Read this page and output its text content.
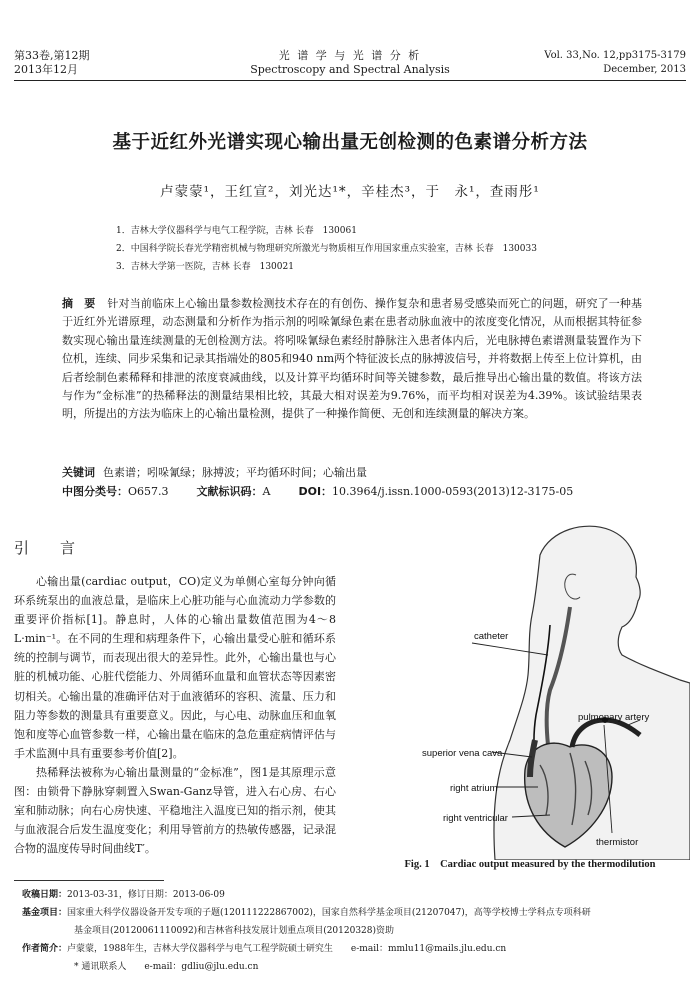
第33卷,第12期
2013年12月
光 谱 学 与 光 谱 分 析
Spectroscopy and Spectral Analysis
Vol. 33,No. 12,pp3175-3179
December, 2013
基于近红外光谱实现心输出量无创检测的色素谱分析方法
卢蒙蒙¹，王红宣²，刘光达¹*，辛桂杰³，于　永¹，查雨彤¹
1．吉林大学仪器科学与电气工程学院，吉林 长春　130061
2．中国科学院长春光学精密机械与物理研究所激光与物质相互作用国家重点实验室，吉林 长春　130033
3．吉林大学第一医院，吉林 长春　130021
摘　要 针对当前临床上心输出量参数检测技术存在的有创伤、操作复杂和患者易受感染而死亡的问题，研究了一种基于近红外光谱原理，动态测量和分析作为指示剂的吲哚氰绿色素在患者动脉血液中的浓度变化情况，从而根据其特征参数实现心输出量连续测量的无创检测方法。将吲哚氰绿色素经肘静脉注入患者体内后，光电脉搏色素谱测量装置作为下位机，连续、同步采集和记录其指端处的805和940 nm两个特征波长点的脉搏波信号，并将数据上传至上位计算机，由后者绘制色素稀释和排泄的浓度衰减曲线，以及计算平均循环时间等关键参数，最后推导出心输出量的数值。将该方法与作为“金标准”的热稀释法的测量结果相比较，其最大相对误差为9.76%，而平均相对误差为4.39%。该试验结果表明，所提出的方法为临床上的心输出量检测，提供了一种操作简便、无创和连续测量的解决方案。
关键词 色素谱；吲哚氰绿；脉搏波；平均循环时间；心输出量
中图分类号：O657.3	文献标识码：A	DOI：10.3964/j.issn.1000-0593(2013)12-3175-05
引　言

心输出量(cardiac output，CO)定义为单侧心室每分钟向循环系统泵出的血液总量，是临床上心脏功能与心血流动力学参数的重要评价指标[1]。静息时，人体的心输出量数值范围为4～8 L·min⁻¹。在不同的生理和病理条件下，心输出量受心脏和循环系统的控制与调节，而表现出很大的差异性。此外，心输出量也与心脏的机械功能、心脏代偿能力、外周循环血量和血管状态等因素密切相关。心输出量的准确评估对于血液循环的容积、流量、压力和阻力等参数的测量具有重要意义。因此，与心电、动脉血压和血氧饱和度等心血管参数一样，心输出量在临床的急危重症病情评估与手术监测中具有重要参考价值[2]。

热稀释法被称为心输出量测量的“金标准”，图1是其原理示意图：由锁骨下静脉穿刺置入Swan-Ganz导管，进入右心房、右心室和肺动脉；向右心房快速、平稳地注入温度已知的指示剂，使其与血液混合后发生温度变化；利用导管前方的热敏传感器，记录混合物的温度传导时间曲线T′。

catheter
pulmonary artery
superior vena cava
right atrium
right ventricular
thermistor
Fig. 1　Cardiac output measured by the thermodilution
收稿日期：2013-03-31，修订日期：2013-06-09
基金项目：国家重大科学仪器设备开发专项的子题(120111222867002)，国家自然科学基金项目(21207047)，高等学校博士学科点专项科研
基金项目(20120061110092)和吉林省科技发展计划重点项目(20120328)资助
作者简介：卢蒙蒙，1988年生，吉林大学仪器科学与电气工程学院硕士研究生　　e-mail：mmlu11@mails.jlu.edu.cn
* 通讯联系人　　e-mail：gdliu@jlu.edu.cn
